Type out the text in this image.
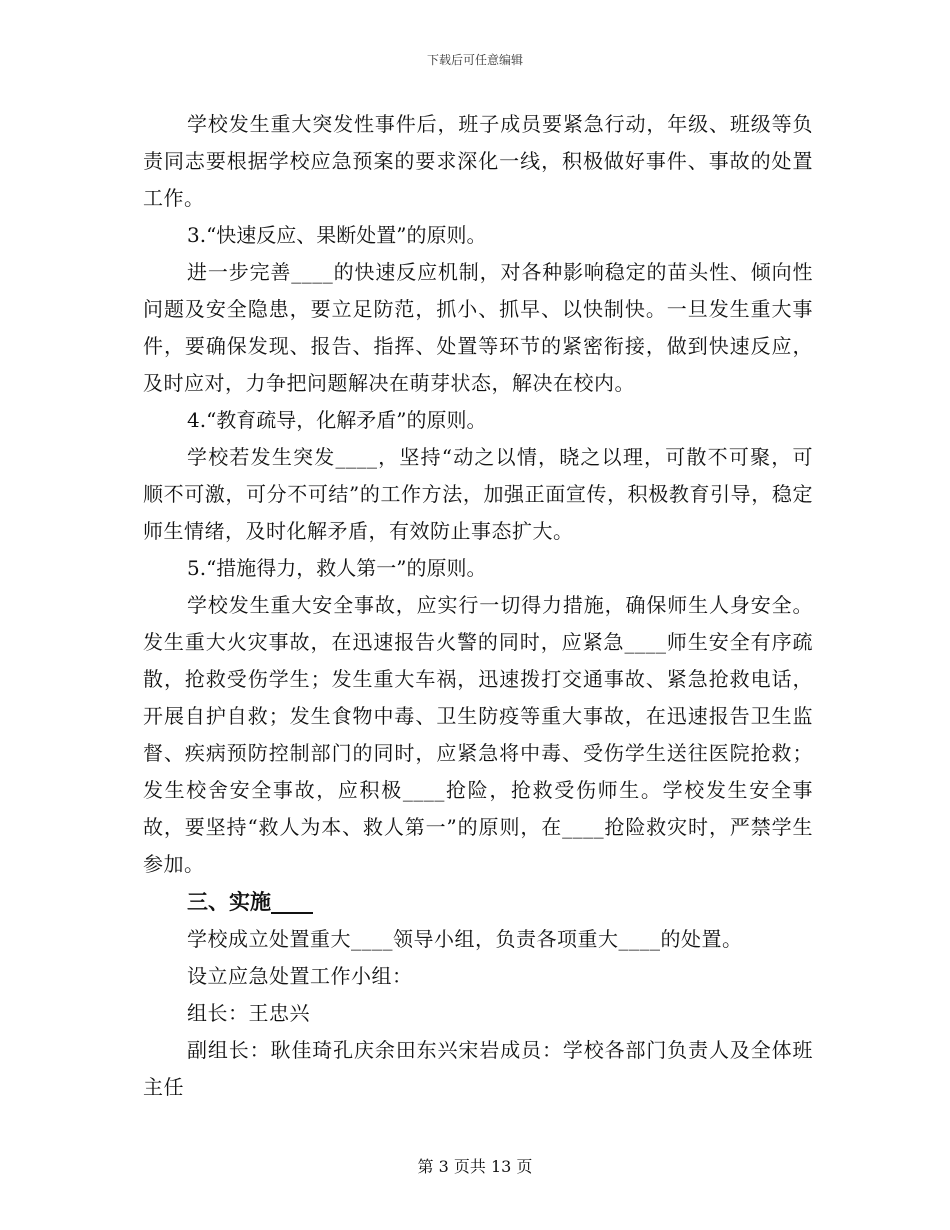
下载后可任意编辑

学校发生重大突发性事件后，班子成员要紧急行动，年级、班级等负责同志要根据学校应急预案的要求深化一线，积极做好事件、事故的处置工作。

3.“快速反应、果断处置”的原则。

进一步完善____的快速反应机制，对各种影响稳定的苗头性、倾向性问题及安全隐患，要立足防范，抓小、抓早、以快制快。一旦发生重大事件，要确保发现、报告、指挥、处置等环节的紧密衔接，做到快速反应，及时应对，力争把问题解决在萌芽状态，解决在校内。

4.“教育疏导，化解矛盾”的原则。

学校若发生突发____，坚持“动之以情，晓之以理，可散不可聚，可顺不可激，可分不可结”的工作方法，加强正面宣传，积极教育引导，稳定师生情绪，及时化解矛盾，有效防止事态扩大。

5.“措施得力，救人第一”的原则。

学校发生重大安全事故，应实行一切得力措施，确保师生人身安全。发生重大火灾事故，在迅速报告火警的同时，应紧急____师生安全有序疏散，抢救受伤学生；发生重大车祸，迅速拨打交通事故、紧急抢救电话，开展自护自救；发生食物中毒、卫生防疫等重大事故，在迅速报告卫生监督、疾病预防控制部门的同时，应紧急将中毒、受伤学生送往医院抢救；发生校舍安全事故，应积极____抢险，抢救受伤师生。学校发生安全事故，要坚持“救人为本、救人第一”的原则，在____抢险救灾时，严禁学生参加。

三、实施____

学校成立处置重大____领导小组，负责各项重大____的处置。

设立应急处置工作小组：

组长：王忠兴

副组长：耿佳琦孔庆余田东兴宋岩成员：学校各部门负责人及全体班主任

第 3 页共 13 页
